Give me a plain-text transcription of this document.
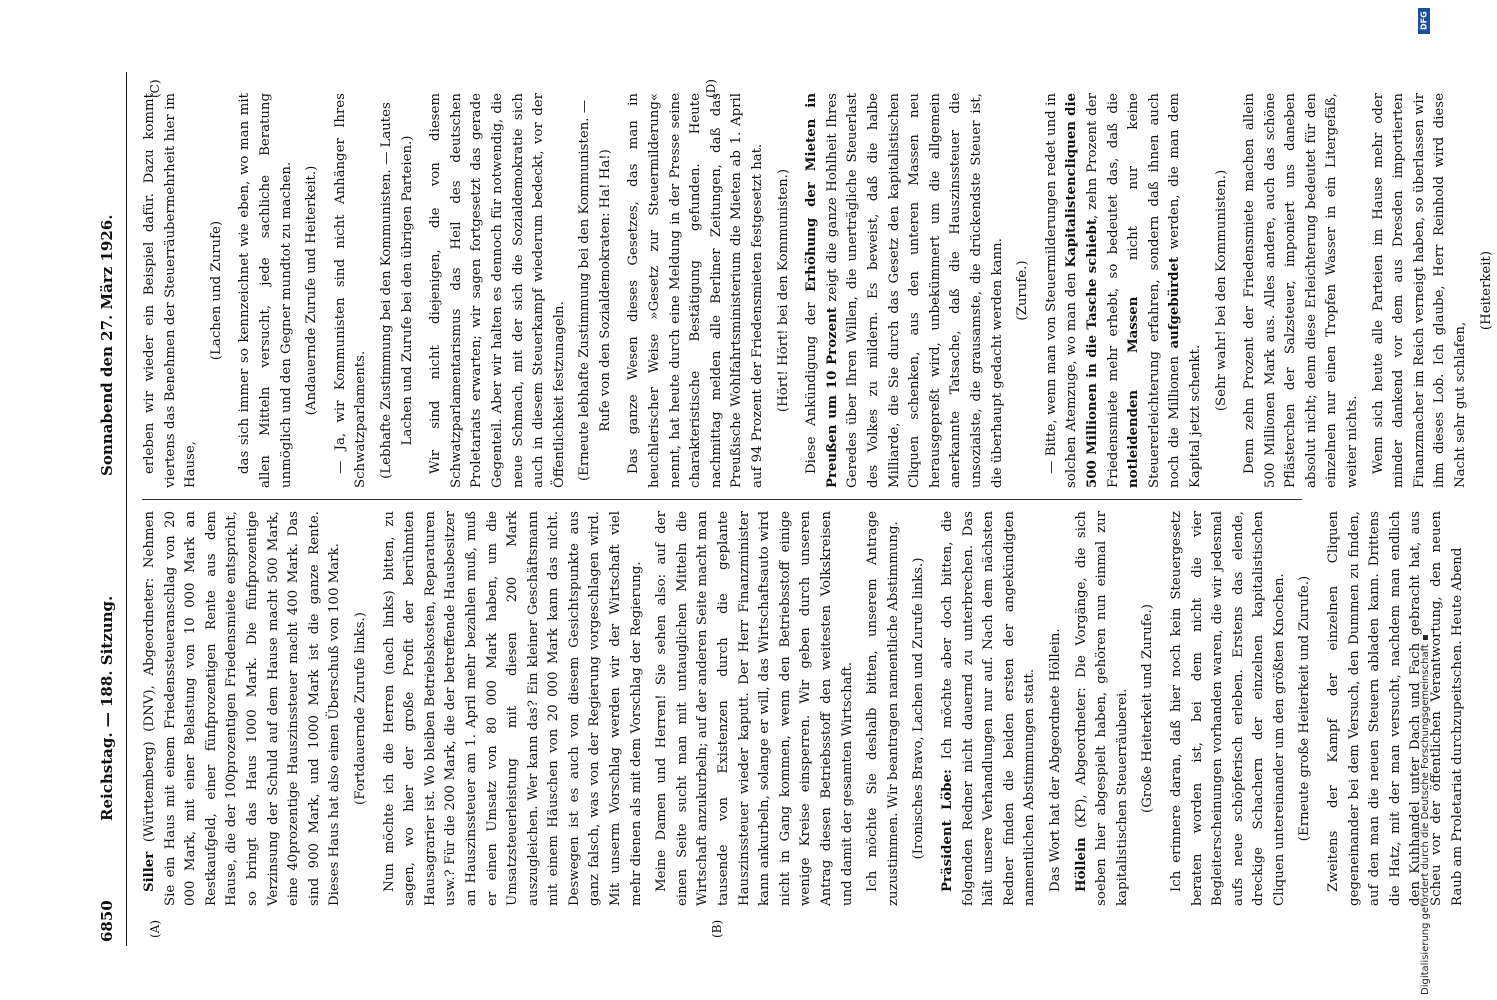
6850
Reichstag. — 188. Sitzung.
Sonnabend den 27. März 1926.
(A)	(B)
(C)	(D)

Siller (Württemberg) (DNV), Abgeordneter: Nehmen Sie ein Haus mit einem Friedenssteueranschlag von 20 000 Mark, mit einer Belastung von 10 000 Mark an Restkaufgeld, einer fünfprozentigen Rente aus dem Hause, die der 100prozentigen Friedensmiete entspricht, so bringt das Haus 1000 Mark. Die fünfprozentige Verzinsung der Schuld auf dem Hause macht 500 Mark, eine 40prozentige Hauszinssteuer macht 400 Mark. Das sind 900 Mark, und 1000 Mark ist die ganze Rente. Dieses Haus hat also einen Überschuß von 100 Mark. (Fortdauernde Zurufe links.) Nun möchte ich die Herren (nach links) bitten, zu sagen, wo hier der große Profit der berühmten Hausagrarier ist. Wo bleiben Betriebskosten, Reparaturen usw.? Für die 200 Mark, die der betreffende Hausbesitzer an Hauszinssteuer am 1. April mehr bezahlen muß, muß er einen Umsatz von 80 000 Mark haben, um die Umsatzsteuerleistung mit diesen 200 Mark auszugleichen. Wer kann das? Ein kleiner Geschäftsmann mit einem Häuschen von 20 000 Mark kann das nicht. Deswegen ist es auch von diesem Gesichtspunkte aus ganz falsch, was von der Regierung vorgeschlagen wird. Mit unserm Vorschlag werden wir der Wirtschaft viel mehr dienen als mit dem Vorschlag der Regierung. Meine Damen und Herren! Sie sehen also: auf der einen Seite sucht man mit untauglichen Mitteln die Wirtschaft anzukurbeln; auf der anderen Seite macht man tausende von Existenzen durch die geplante Hauszinssteuer wieder kaputt. Der Herr Finanzminister kann ankurbeln, solange er will, das Wirtschaftsauto wird nicht in Gang kommen, wenn den Betriebsstoff einige wenige Kreise einsperren. Wir geben durch unseren Antrag diesen Betriebsstoff den weitesten Volkskreisen und damit der gesamten Wirtschaft. Ich möchte Sie deshalb bitten, unserem Antrage zuzustimmen. Wir beantragen namentliche Abstimmung. (Ironisches Bravo, Lachen und Zurufe links.) Präsident Löbe: Ich möchte aber doch bitten, die folgenden Redner nicht dauernd zu unterbrechen. Das hält unsere Verhandlungen nur auf. Nach dem nächsten Redner finden die beiden ersten der angekündigten namentlichen Abstimmungen statt. Das Wort hat der Abgeordnete Höllein. Höllein (KP), Abgeordneter: Die Vorgänge, die sich soeben hier abgespielt haben, gehören nun einmal zur kapitalistischen Steuerräuberei. (Große Heiterkeit und Zurufe.) Ich erinnere daran, daß hier noch kein Steuergesetz beraten worden ist, bei dem nicht die vier Begleiterscheinungen vorhanden waren, die wir jedesmal aufs neue schöpferisch erleben. Erstens das elende, dreckige Schachern der einzelnen kapitalistischen Cliquen untereinander um den größten Knochen. (Erneute große Heiterkeit und Zurufe.) Zweitens der Kampf der einzelnen Cliquen gegeneinander bei dem Versuch, den Dummen zu finden, auf den man die neuen Steuern abladen kann. Drittens die Hatz, mit der man versucht, nachdem man endlich den Kuhhandel unter Dach und Fach gebracht hat, aus Scheu vor der öffentlichen Verantwortung, den neuen Raub am Proletariat durchzupeitschen. Heute Abend

erleben wir wieder ein Beispiel dafür. Dazu kommt viertens das Benehmen der Steuerräubermehrheit hier im Hause,

(Lachen und Zurufe) das sich immer so kennzeichnet wie eben, wo man mit allen Mitteln versucht, jede sachliche Beratung unmöglich und den Gegner mundtot zu machen. (Andauernde Zurufe und Heiterkeit.) — Ja, wir Kommunisten sind nicht Anhänger Ihres Schwatzparlaments. (Lebhafte Zustimmung bei den Kommunisten. — Lautes Lachen und Zurufe bei den übrigen Parteien.) Wir sind nicht diejenigen, die von diesem Schwatzparlamentarismus das Heil des deutschen Proletariats erwarten; wir sagen fortgesetzt das gerade Gegenteil. Aber wir halten es dennoch für notwendig, die neue Schmach, mit der sich die Sozialdemokratie sich auch in diesem Steuerkampf wiederum bedeckt, vor der Öffentlichkeit festzunageln. (Erneute lebhafte Zustimmung bei den Kommunisten. — Rufe von den Sozialdemokraten: Ha! Ha!) Das ganze Wesen dieses Gesetzes, das man in heuchlerischer Weise »Gesetz zur Steuermilderung« nennt, hat heute durch eine Meldung in der Presse seine charakteristische Bestätigung gefunden. Heute nachmittag melden alle Berliner Zeitungen, daß das Preußische Wohlfahrtsministerium die Mieten ab 1. April auf 94 Prozent der Friedensmieten festgesetzt hat. (Hört! Hört! bei den Kommunisten.) Diese Ankündigung der Erhöhung der Mieten in Preußen um 10 Prozent zeigt die ganze Hohlheit Ihres Geredes über Ihren Willen, die unerträgliche Steuerlast des Volkes zu mildern. Es beweist, daß die halbe Milliarde, die Sie durch das Gesetz den kapitalistischen Cliquen schenken, aus den unteren Massen neu herausgepreßt wird, unbekümmert um die allgemein anerkannte Tatsache, daß die Hauszinssteuer die unsozialste, die grausamste, die drückendste Steuer ist, die überhaupt gedacht werden kann. (Zurufe.) — Bitte, wenn man von Steuermilderungen redet und in solchen Atemzuge, wo man den Kapitalistencliquen die 500 Millionen in die Tasche schiebt, zehn Prozent der Friedensmiete mehr erhebt, so bedeutet das, daß die notleidenden Massen nicht nur keine Steuererleichterung erfahren, sondern daß ihnen auch noch die Millionen aufgebürdet werden, die man dem Kapital jetzt schenkt.

(Sehr wahr! bei den Kommunisten.) Denn zehn Prozent der Friedensmiete machen allein 500 Millionen Mark aus. Alles andere, auch das schöne Pflästerchen der Salzsteuer, imponiert uns daneben absolut nicht; denn diese Erleichterung bedeutet für den einzelnen nur einen Tropfen Wasser in ein Litergefäß, weiter nichts. Wenn sich heute alle Parteien im Hause mehr oder minder dankend vor dem aus Dresden importierten Finanzmacher im Reich verneigt haben, so überlassen wir ihm dieses Lob. Ich glaube, Herr Reinhold wird diese Nacht sehr gut schlafen,

(Heiterkeit)

Digitalisierung gefördert durch die Deutsche Forschungsgemeinschaft ▪
DFG
